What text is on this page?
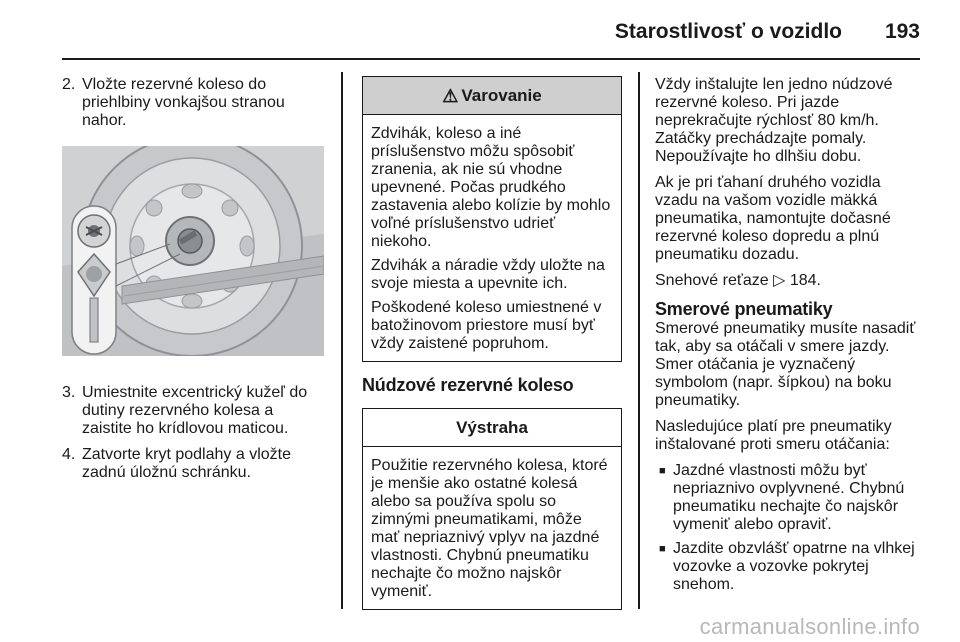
Starostlivosť o vozidlo 193
2. Vložte rezervné koleso do priehlbiny vonkajšou stranou nahor.
3. Umiestnite excentrický kužeľ do dutiny rezervného kolesa a zaistite ho krídlovou maticou.
4. Zatvorte kryt podlahy a vložte zadnú úložnú schránku.
⚠ Varovanie

Zdvihák, koleso a iné príslušenstvo môžu spôsobiť zranenia, ak nie sú vhodne upevnené. Počas prudkého zastavenia alebo kolízie by mohlo voľné príslušenstvo udrieť niekoho.

Zdvihák a náradie vždy uložte na svoje miesta a upevnite ich.

Poškodené koleso umiestnené v batožinovom priestore musí byť vždy zaistené popruhom.

Núdzové rezervné koleso
Výstraha

Použitie rezervného kolesa, ktoré je menšie ako ostatné kolesá alebo sa používa spolu so zimnými pneumatikami, môže mať nepriaznivý vplyv na jazdné vlastnosti. Chybnú pneumatiku nechajte čo možno najskôr vymeniť.

Vždy inštalujte len jedno núdzové rezervné koleso. Pri jazde neprekračujte rýchlosť 80 km/h. Zatáčky prechádzajte pomaly. Nepoužívajte ho dlhšiu dobu.

Ak je pri ťahaní druhého vozidla vzadu na vašom vozidle mäkká pneumatika, namontujte dočasné rezervné koleso dopredu a plnú pneumatiku dozadu.

Snehové reťaze ▷ 184.

Smerové pneumatiky

Smerové pneumatiky musíte nasadiť tak, aby sa otáčali v smere jazdy. Smer otáčania je vyznačený symbolom (napr. šípkou) na boku pneumatiky.

Nasledujúce platí pre pneumatiky inštalované proti smeru otáčania:

■ Jazdné vlastnosti môžu byť nepriaznivo ovplyvnené. Chybnú pneumatiku nechajte čo najskôr vymeniť alebo opraviť.
■ Jazdite obzvlášť opatrne na vlhkej vozovke a vozovke pokrytej snehom.
carmanualsonline.info
